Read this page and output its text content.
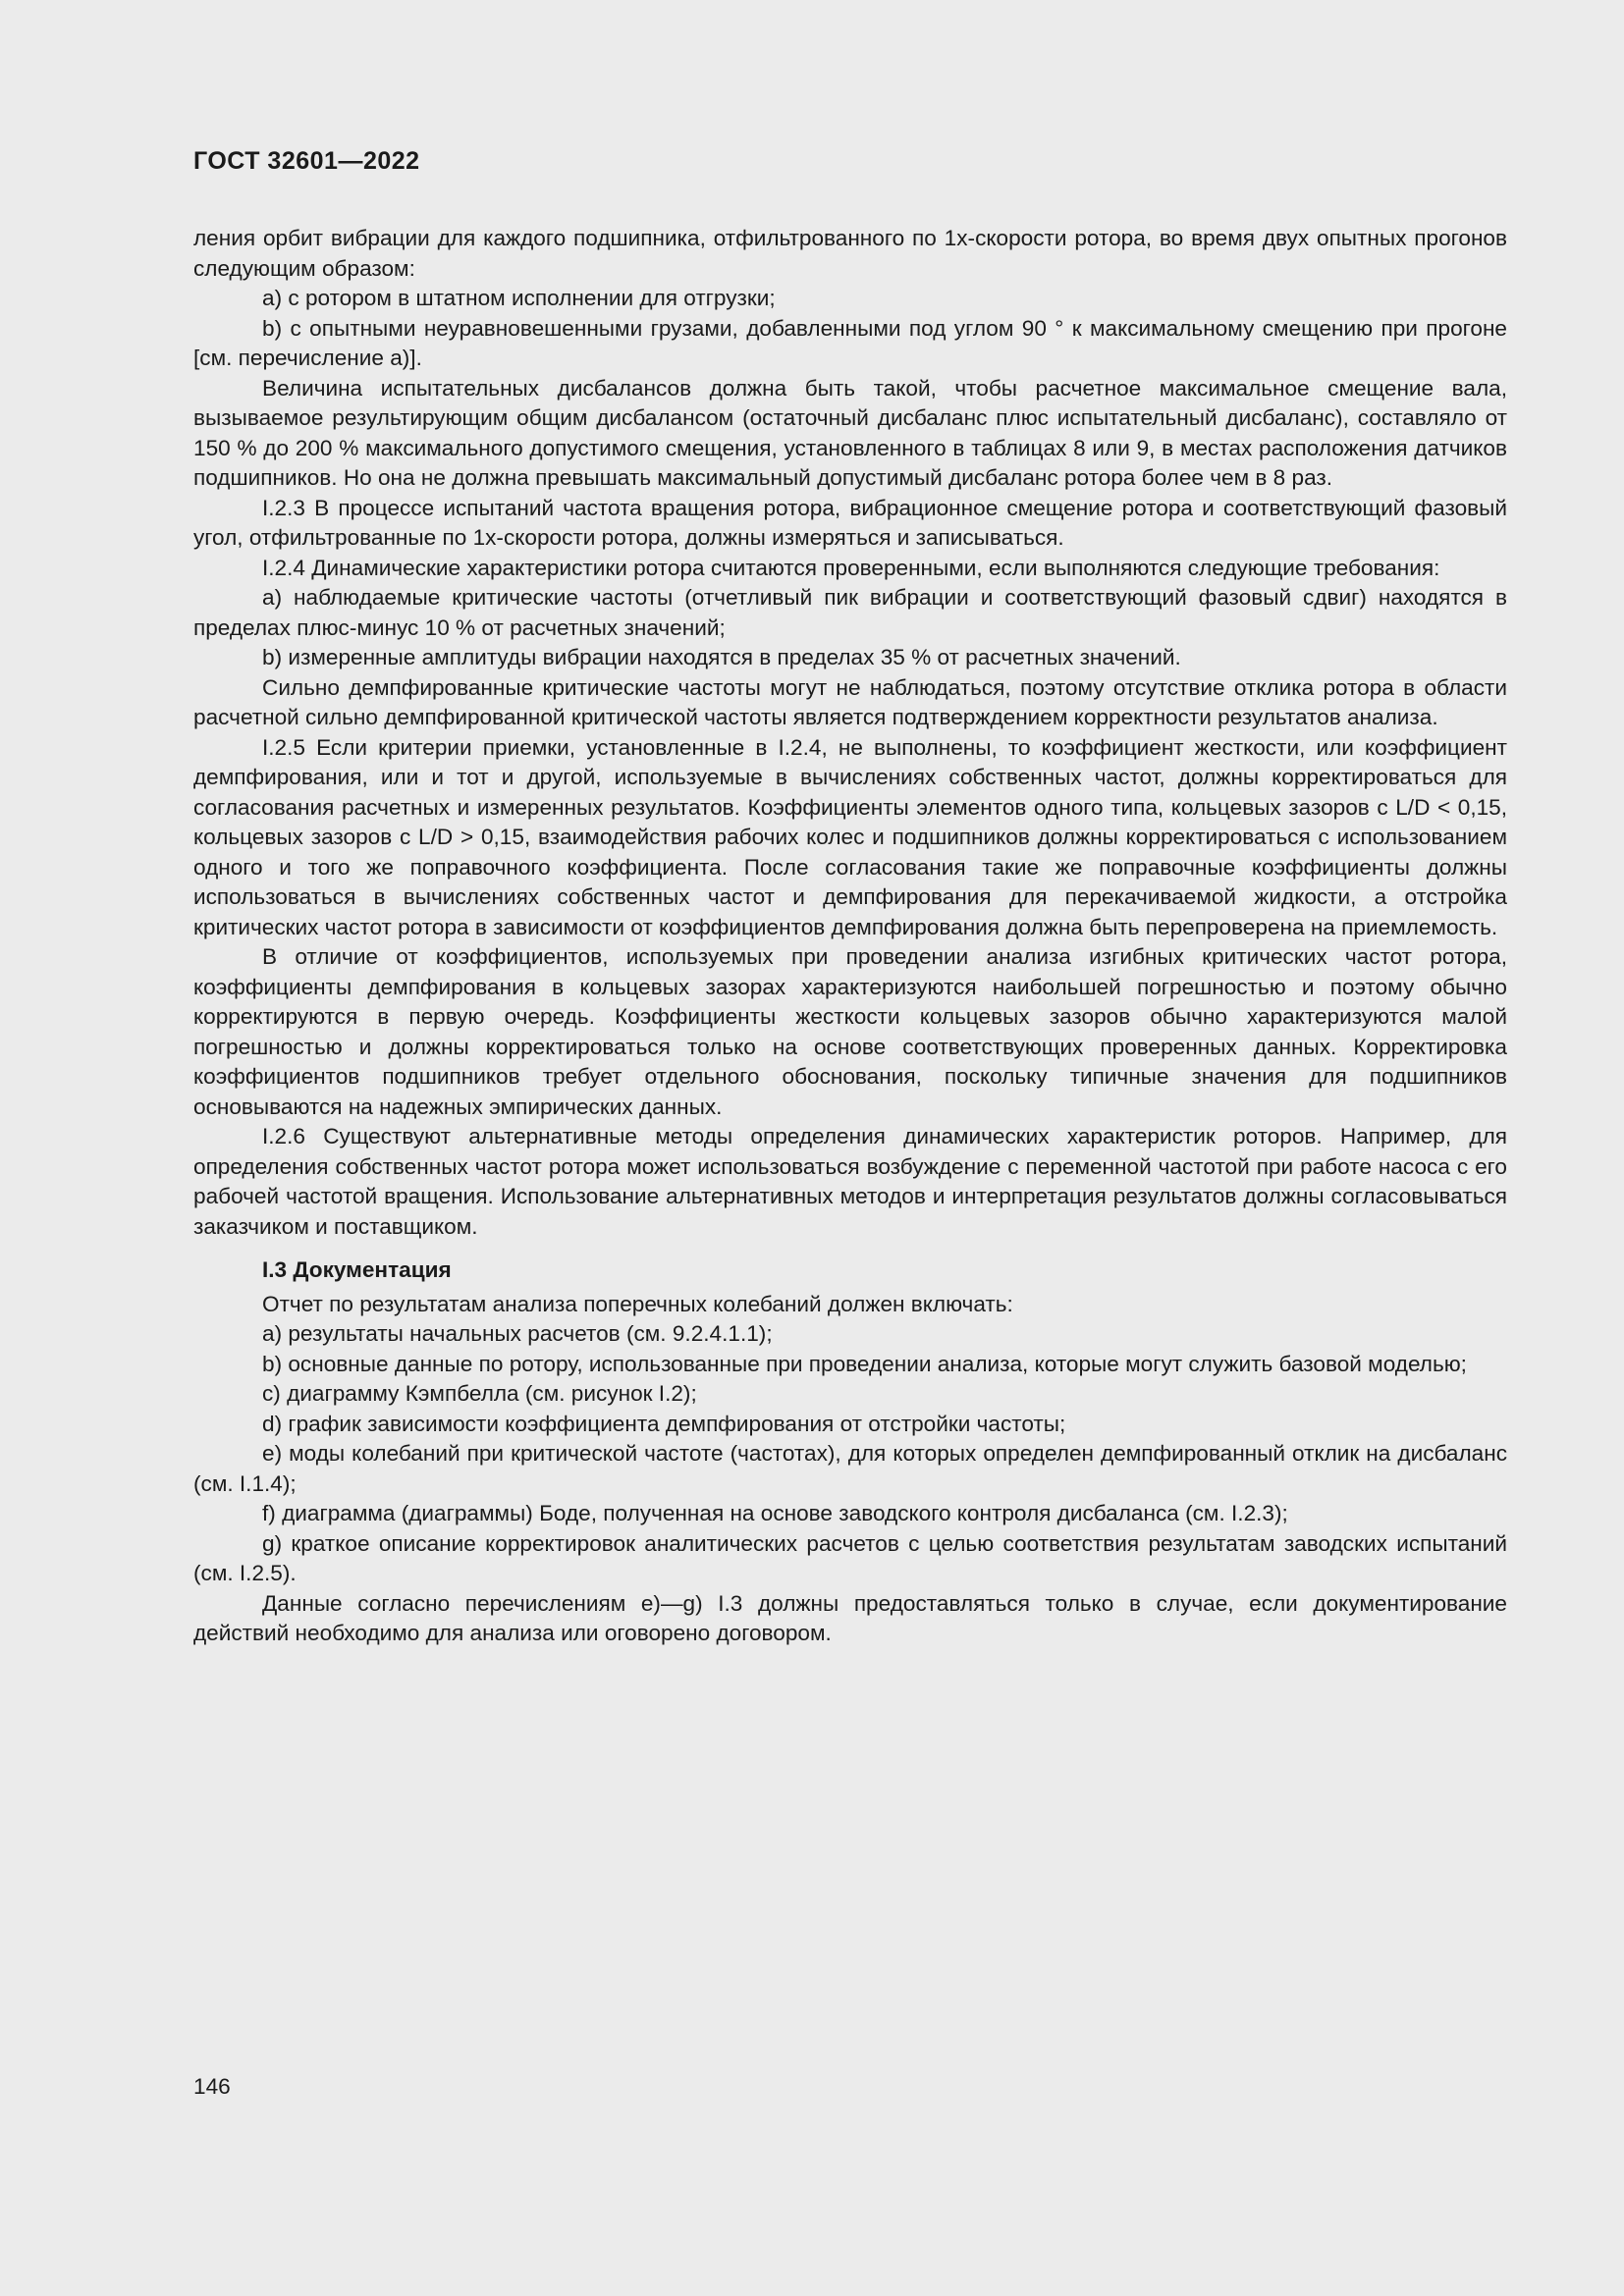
ГОСТ 32601—2022

ления орбит вибрации для каждого подшипника, отфильтрованного по 1х-скорости ротора, во время двух опытных прогонов следующим образом:

a) с ротором в штатном исполнении для отгрузки;

b) с опытными неуравновешенными грузами, добавленными под углом 90 ° к максимальному смещению при прогоне [см. перечисление а)].

Величина испытательных дисбалансов должна быть такой, чтобы расчетное максимальное смещение вала, вызываемое результирующим общим дисбалансом (остаточный дисбаланс плюс испытательный дисбаланс), составляло от 150 % до 200 % максимального допустимого смещения, установленного в таблицах 8 или 9, в местах расположения датчиков подшипников. Но она не должна превышать максимальный допустимый дисбаланс ротора более чем в 8 раз.

I.2.3 В процессе испытаний частота вращения ротора, вибрационное смещение ротора и соответствующий фазовый угол, отфильтрованные по 1х-скорости ротора, должны измеряться и записываться.

I.2.4 Динамические характеристики ротора считаются проверенными, если выполняются следующие требования:

a) наблюдаемые критические частоты (отчетливый пик вибрации и соответствующий фазовый сдвиг) находятся в пределах плюс-минус 10 % от расчетных значений;

b) измеренные амплитуды вибрации находятся в пределах 35 % от расчетных значений.

Сильно демпфированные критические частоты могут не наблюдаться, поэтому отсутствие отклика ротора в области расчетной сильно демпфированной критической частоты является подтверждением корректности результатов анализа.

I.2.5 Если критерии приемки, установленные в I.2.4, не выполнены, то коэффициент жесткости, или коэффициент демпфирования, или и тот и другой, используемые в вычислениях собственных частот, должны корректироваться для согласования расчетных и измеренных результатов. Коэффициенты элементов одного типа, кольцевых зазоров с L/D < 0,15, кольцевых зазоров с L/D > 0,15, взаимодействия рабочих колес и подшипников должны корректироваться с использованием одного и того же поправочного коэффициента. После согласования такие же поправочные коэффициенты должны использоваться в вычислениях собственных частот и демпфирования для перекачиваемой жидкости, а отстройка критических частот ротора в зависимости от коэффициентов демпфирования должна быть перепроверена на приемлемость.

В отличие от коэффициентов, используемых при проведении анализа изгибных критических частот ротора, коэффициенты демпфирования в кольцевых зазорах характеризуются наибольшей погрешностью и поэтому обычно корректируются в первую очередь. Коэффициенты жесткости кольцевых зазоров обычно характеризуются малой погрешностью и должны корректироваться только на основе соответствующих проверенных данных. Корректировка коэффициентов подшипников требует отдельного обоснования, поскольку типичные значения для подшипников основываются на надежных эмпирических данных.

I.2.6 Существуют альтернативные методы определения динамических характеристик роторов. Например, для определения собственных частот ротора может использоваться возбуждение с переменной частотой при работе насоса с его рабочей частотой вращения. Использование альтернативных методов и интерпретация результатов должны согласовываться заказчиком и поставщиком.

I.3 Документация

Отчет по результатам анализа поперечных колебаний должен включать:

a) результаты начальных расчетов (см. 9.2.4.1.1);

b) основные данные по ротору, использованные при проведении анализа, которые могут служить базовой моделью;

c) диаграмму Кэмпбелла (см. рисунок I.2);

d) график зависимости коэффициента демпфирования от отстройки частоты;

e) моды колебаний при критической частоте (частотах), для которых определен демпфированный отклик на дисбаланс (см. I.1.4);

f) диаграмма (диаграммы) Боде, полученная на основе заводского контроля дисбаланса (см. I.2.3);

g) краткое описание корректировок аналитических расчетов с целью соответствия результатам заводских испытаний (см. I.2.5).

Данные согласно перечислениям е)—g) I.3 должны предоставляться только в случае, если документирование действий необходимо для анализа или оговорено договором.

146
